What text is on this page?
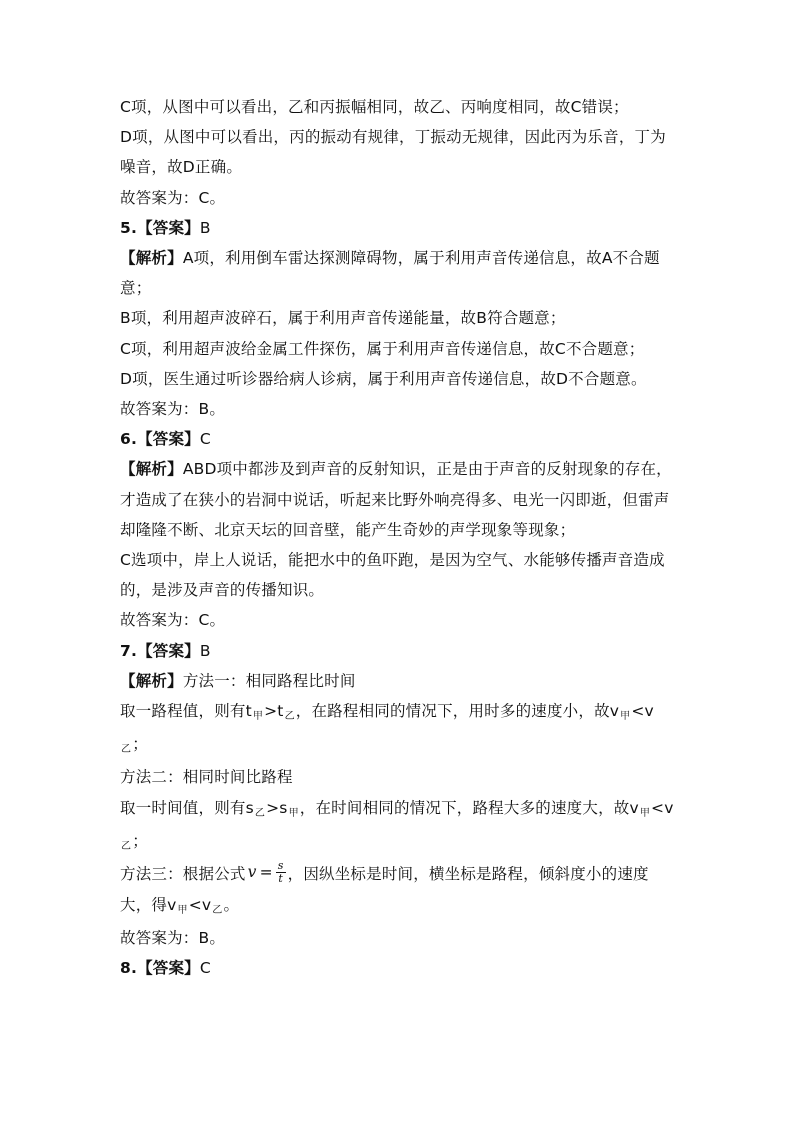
C项，从图中可以看出，乙和丙振幅相同，故乙、丙响度相同，故C错误；

D项，从图中可以看出，丙的振动有规律，丁振动无规律，因此丙为乐音，丁为噪音，故D正确。

故答案为：C。

5.【答案】B

【解析】A项，利用倒车雷达探测障碍物，属于利用声音传递信息，故A不合题意；

B项，利用超声波碎石，属于利用声音传递能量，故B符合题意；

C项，利用超声波给金属工件探伤，属于利用声音传递信息，故C不合题意；

D项，医生通过听诊器给病人诊病，属于利用声音传递信息，故D不合题意。

故答案为：B。

6.【答案】C

【解析】ABD项中都涉及到声音的反射知识，正是由于声音的反射现象的存在，才造成了在狭小的岩洞中说话，听起来比野外响亮得多、电光一闪即逝，但雷声却隆隆不断、北京天坛的回音壁，能产生奇妙的声学现象等现象；

C选项中，岸上人说话，能把水中的鱼吓跑，是因为空气、水能够传播声音造成的，是涉及声音的传播知识。

故答案为：C。

7.【答案】B

【解析】方法一：相同路程比时间

取一路程值，则有t甲>t乙，在路程相同的情况下，用时多的速度小，故v甲<v乙；

方法二：相同时间比路程

取一时间值，则有s乙>s甲，在时间相同的情况下，路程大多的速度大，故v甲<v乙；

方法三：根据公式 $v = \frac{s}{t}$ ，因纵坐标是时间，横坐标是路程，倾斜度小的速度大，得v甲<v乙。

故答案为：B。

8.【答案】C
